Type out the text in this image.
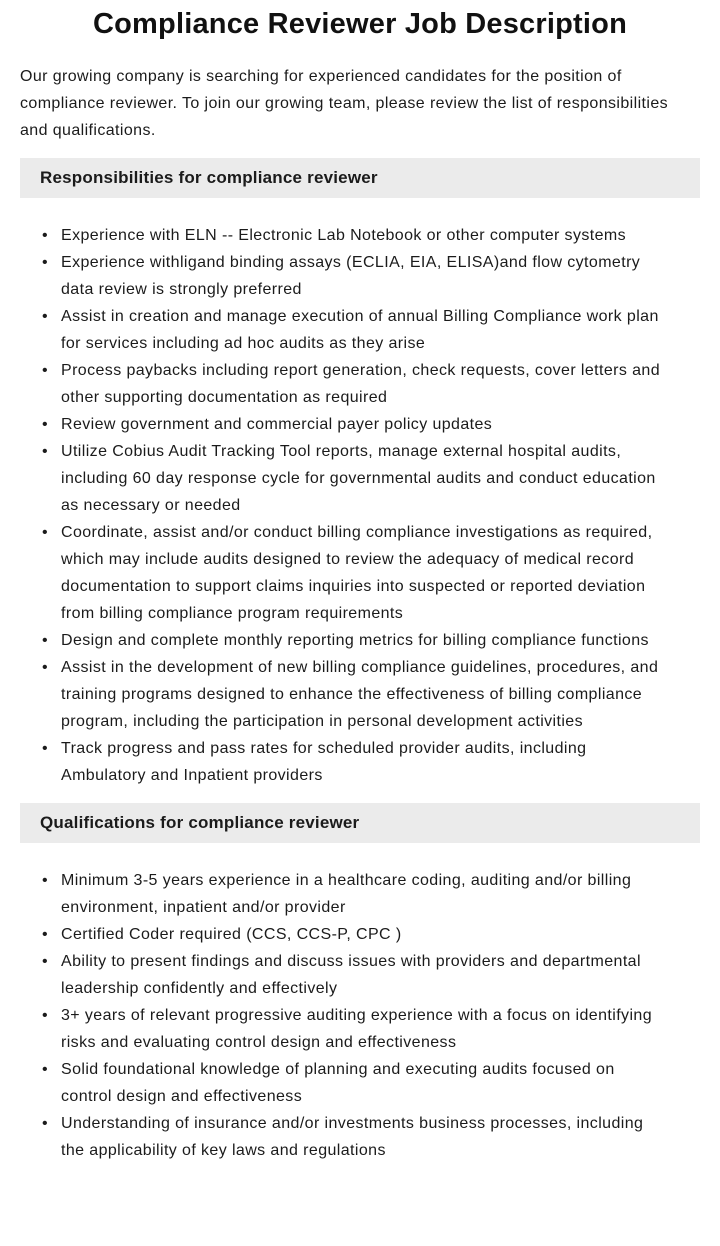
Compliance Reviewer Job Description

Our growing company is searching for experienced candidates for the position of compliance reviewer. To join our growing team, please review the list of responsibilities and qualifications.

Responsibilities for compliance reviewer
• Experience with ELN -- Electronic Lab Notebook or other computer systems
• Experience withligand binding assays (ECLIA, EIA, ELISA)and flow cytometry data review is strongly preferred
• Assist in creation and manage execution of annual Billing Compliance work plan for services including ad hoc audits as they arise
• Process paybacks including report generation, check requests, cover letters and other supporting documentation as required
• Review government and commercial payer policy updates
• Utilize Cobius Audit Tracking Tool reports, manage external hospital audits, including 60 day response cycle for governmental audits and conduct education as necessary or needed
• Coordinate, assist and/or conduct billing compliance investigations as required, which may include audits designed to review the adequacy of medical record documentation to support claims inquiries into suspected or reported deviation from billing compliance program requirements
• Design and complete monthly reporting metrics for billing compliance functions
• Assist in the development of new billing compliance guidelines, procedures, and training programs designed to enhance the effectiveness of billing compliance program, including the participation in personal development activities
• Track progress and pass rates for scheduled provider audits, including Ambulatory and Inpatient providers
Qualifications for compliance reviewer
• Minimum 3-5 years experience in a healthcare coding, auditing and/or billing environment, inpatient and/or provider
• Certified Coder required (CCS, CCS-P, CPC )
• Ability to present findings and discuss issues with providers and departmental leadership confidently and effectively
• 3+ years of relevant progressive auditing experience with a focus on identifying risks and evaluating control design and effectiveness
• Solid foundational knowledge of planning and executing audits focused on control design and effectiveness
• Understanding of insurance and/or investments business processes, including the applicability of key laws and regulations
